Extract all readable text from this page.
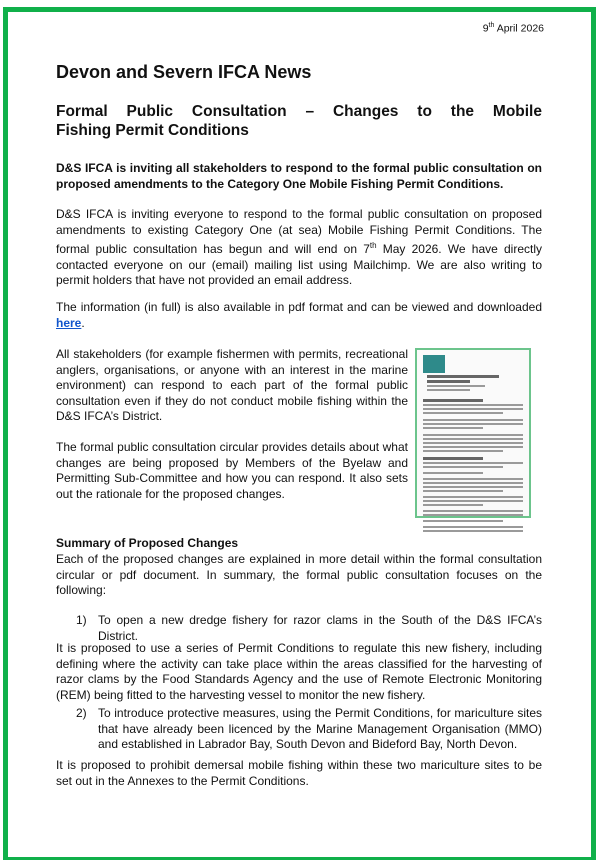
9th April 2026
Devon and Severn IFCA News
Formal Public Consultation – Changes to the Mobile
Fishing Permit Conditions

D&S IFCA is inviting all stakeholders to respond to the formal public consultation on proposed amendments to the Category One Mobile Fishing Permit Conditions.

D&S IFCA is inviting everyone to respond to the formal public consultation on proposed amendments to existing Category One (at sea) Mobile Fishing Permit Conditions. The formal public consultation has begun and will end on 7th May 2026. We have directly contacted everyone on our (email) mailing list using Mailchimp. We are also writing to permit holders that have not provided an email address.

The information (in full) is also available in pdf format and can be viewed and downloaded here.

All stakeholders (for example fishermen with permits, recreational anglers, organisations, or anyone with an interest in the marine environment) can respond to each part of the formal public consultation even if they do not conduct mobile fishing within the D&S IFCA’s District.

The formal public consultation circular provides details about what changes are being proposed by Members of the Byelaw and Permitting Sub-Committee and how you can respond. It also sets out the rationale for the proposed changes.

Summary of Proposed Changes

Each of the proposed changes are explained in more detail within the formal consultation circular or pdf document. In summary, the formal public consultation focuses on the following:

1) To open a new dredge fishery for razor clams in the South of the D&S IFCA’s District.

It is proposed to use a series of Permit Conditions to regulate this new fishery, including defining where the activity can take place within the areas classified for the harvesting of razor clams by the Food Standards Agency and the use of Remote Electronic Monitoring (REM) being fitted to the harvesting vessel to monitor the new fishery.

2) To introduce protective measures, using the Permit Conditions, for mariculture sites that have already been licenced by the Marine Management Organisation (MMO) and established in Labrador Bay, South Devon and Bideford Bay, North Devon.

It is proposed to prohibit demersal mobile fishing within these two mariculture sites to be set out in the Annexes to the Permit Conditions.
